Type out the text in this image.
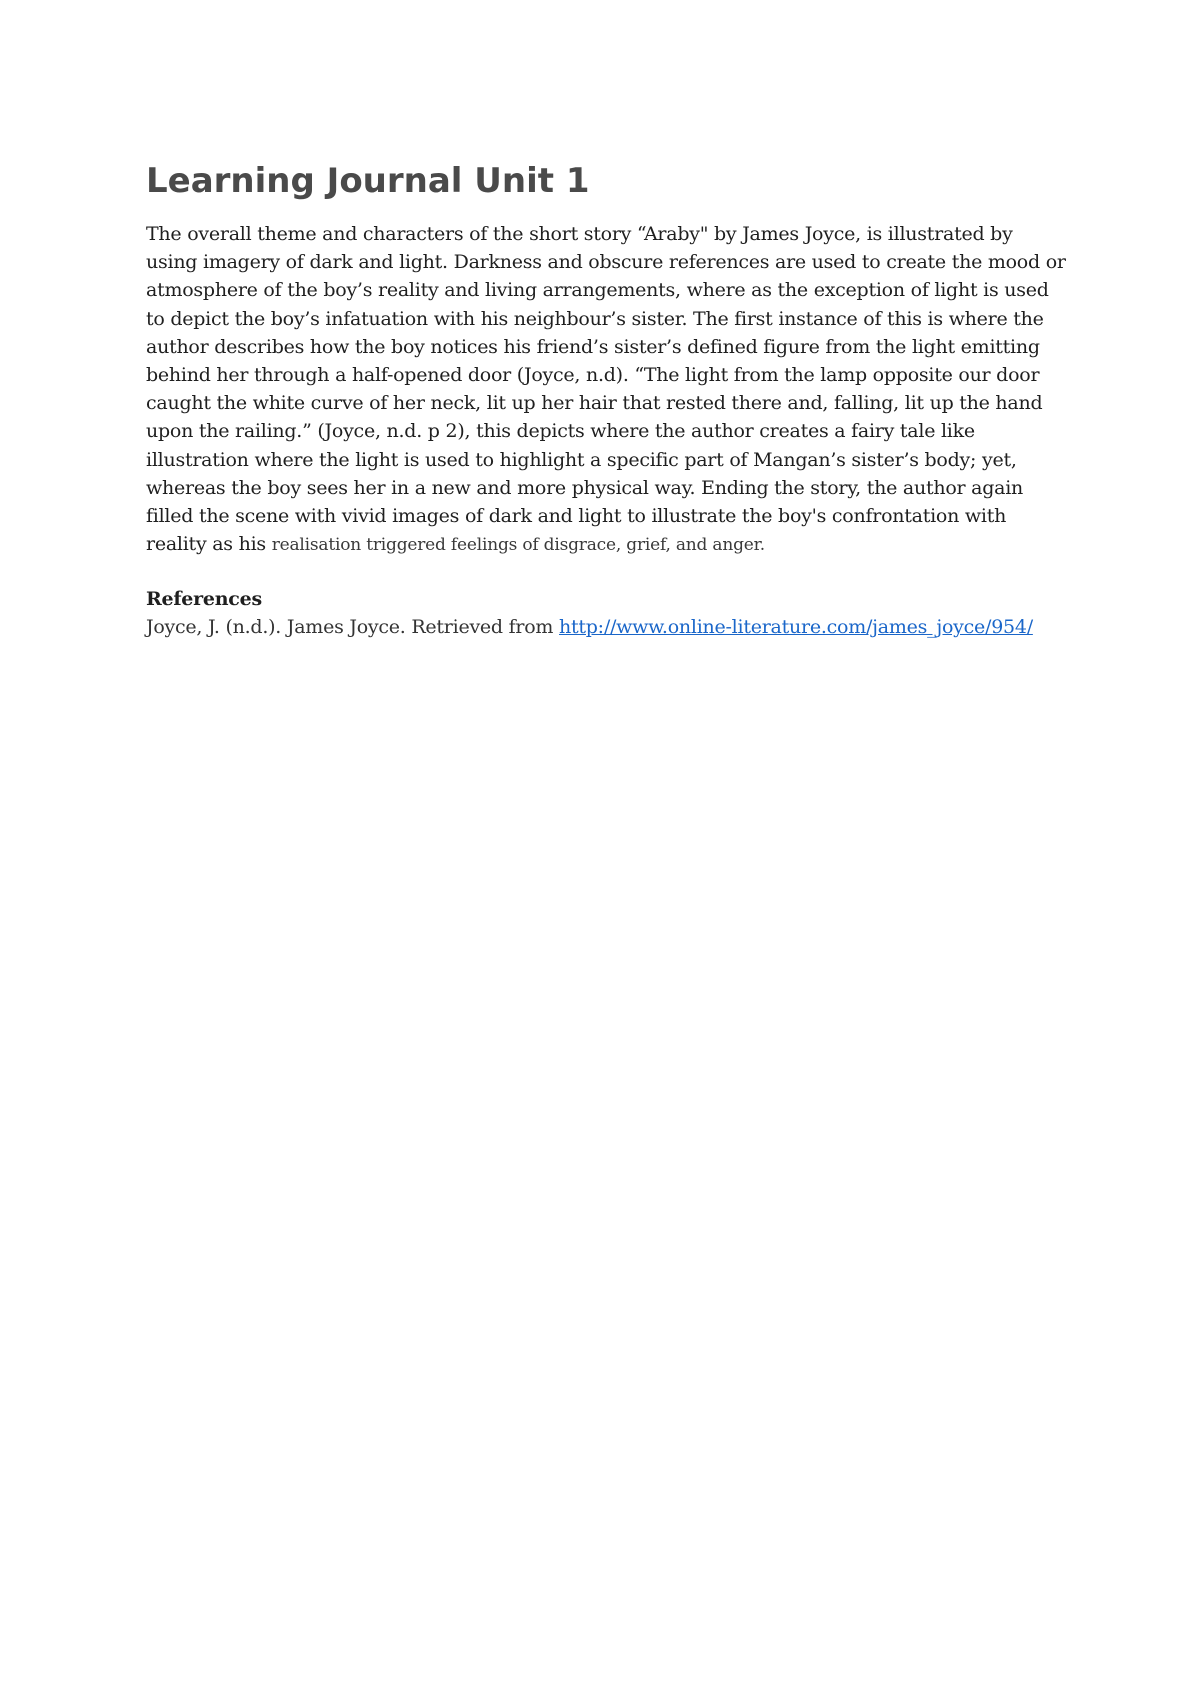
Learning Journal Unit 1

The overall theme and characters of the short story “Araby" by James Joyce, is illustrated by using imagery of dark and light. Darkness and obscure references are used to create the mood or atmosphere of the boy’s reality and living arrangements, where as the exception of light is used to depict the boy’s infatuation with his neighbour’s sister. The first instance of this is where the author describes how the boy notices his friend’s sister’s defined figure from the light emitting behind her through a half-opened door (Joyce, n.d). “The light from the lamp opposite our door caught the white curve of her neck, lit up her hair that rested there and, falling, lit up the hand upon the railing.” (Joyce, n.d. p 2), this depicts where the author creates a fairy tale like illustration where the light is used to highlight a specific part of Mangan’s sister’s body; yet, whereas the boy sees her in a new and more physical way. Ending the story, the author again filled the scene with vivid images of dark and light to illustrate the boy's confrontation with reality as his realisation triggered feelings of disgrace, grief, and anger.

References
Joyce, J. (n.d.). James Joyce. Retrieved from http://www.online-literature.com/james_joyce/954/
